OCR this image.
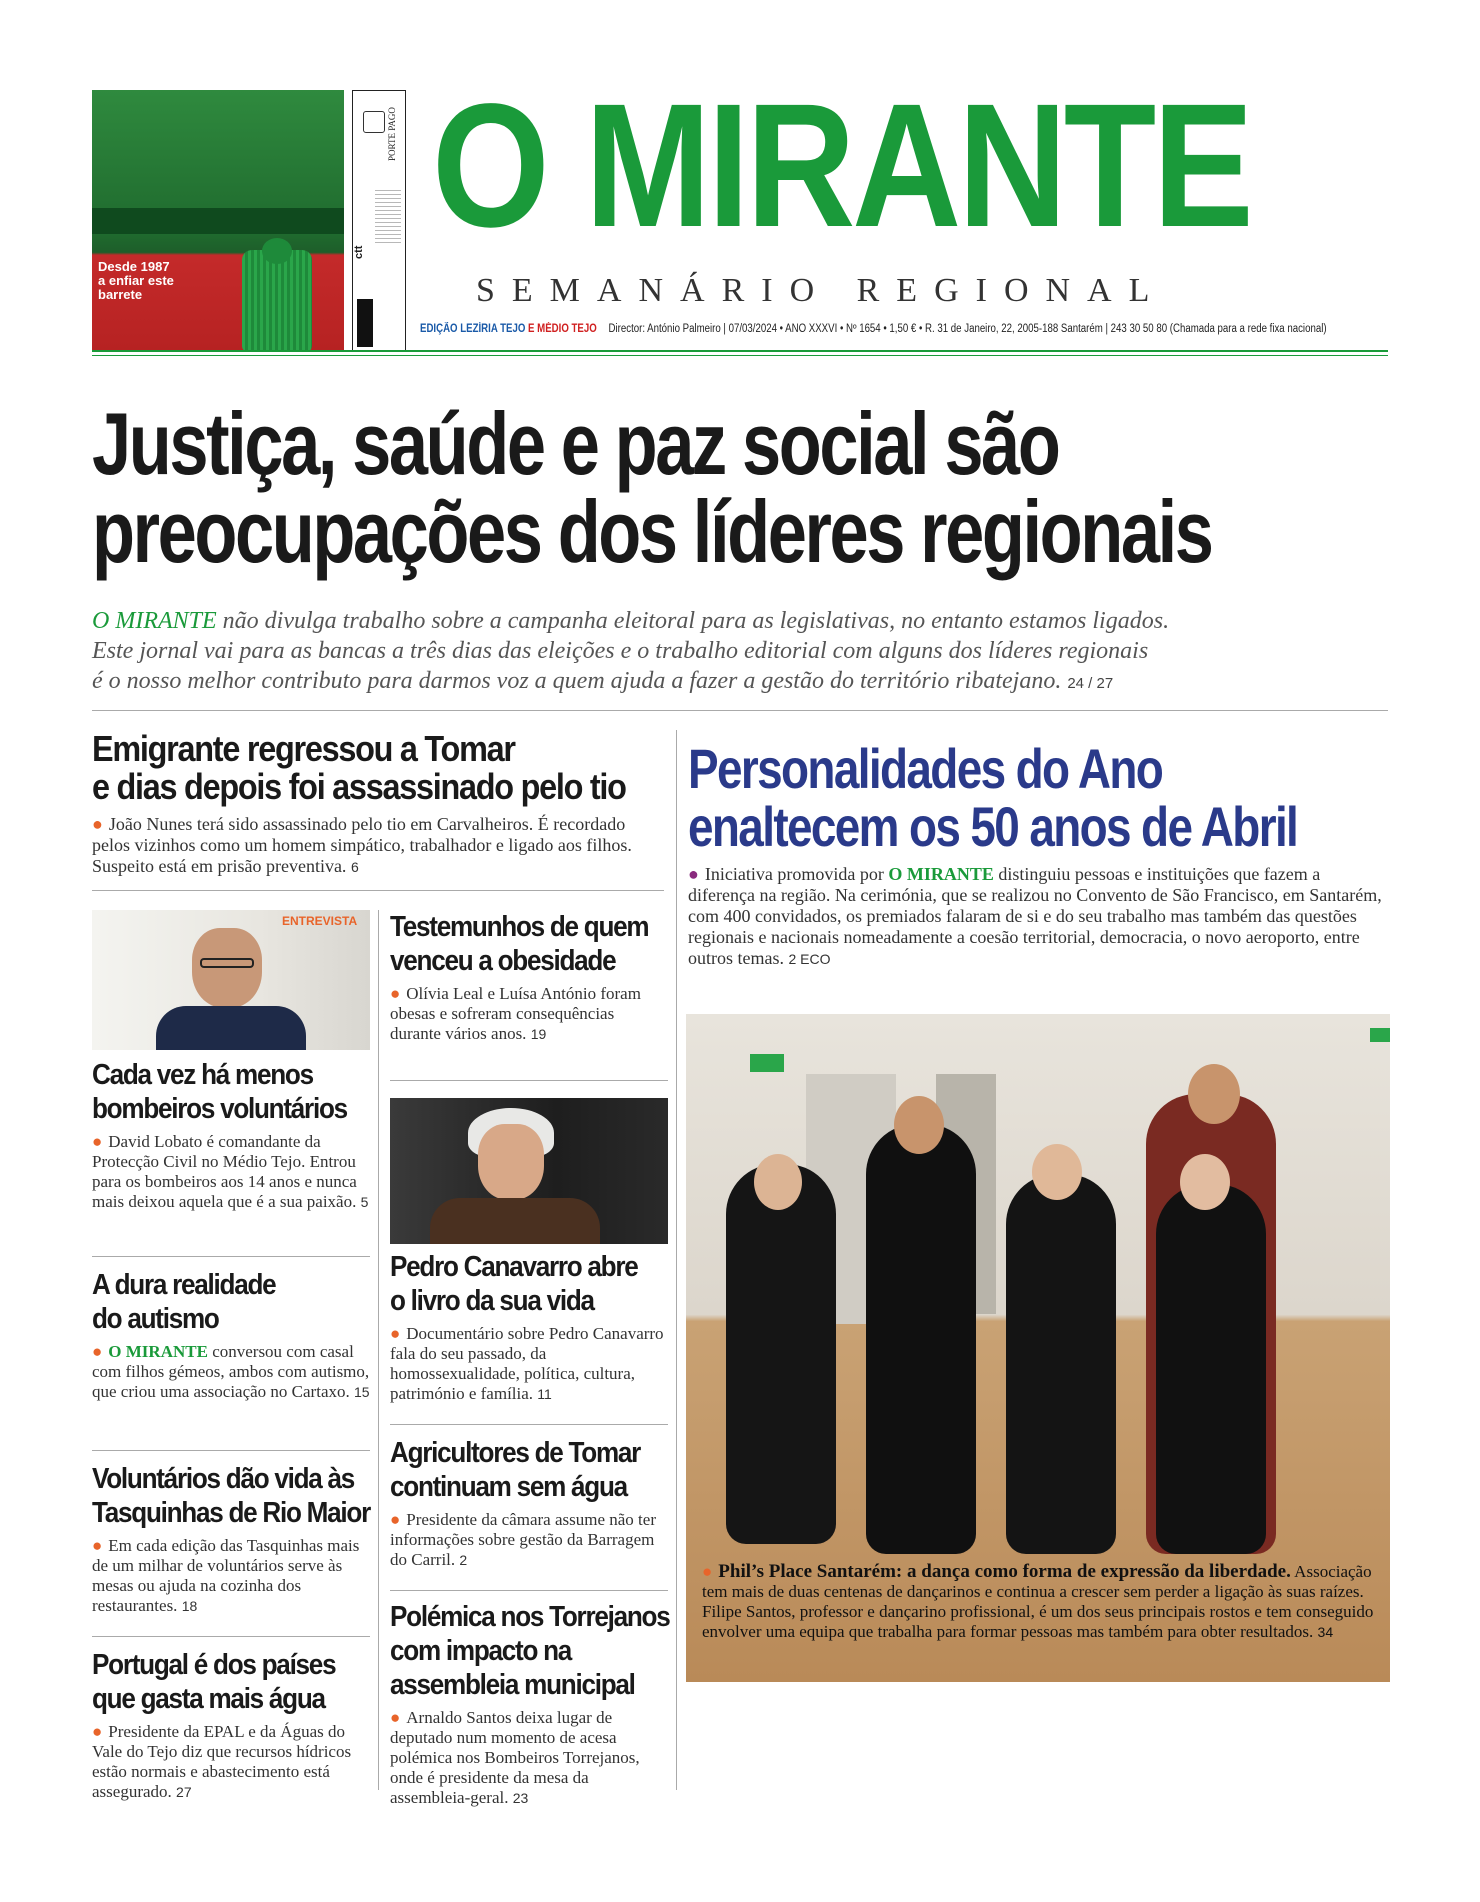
Desde 1987
a enfiar este
barrete
PORTE PAGO
ctt O MIRANTE
SEMANÁRIO REGIONAL
EDIÇÃO LEZÍRIA TEJO E MÉDIO TEJO Director: António Palmeiro | 07/03/2024 • ANO XXXVI • Nº 1654 • 1,50 € • R. 31 de Janeiro, 22, 2005-188 Santarém | 243 30 50 80 (Chamada para a rede fixa nacional)
Justiça, saúde e paz social são
preocupações dos líderes regionais
O MIRANTE não divulga trabalho sobre a campanha eleitoral para as legislativas, no entanto estamos ligados.
Este jornal vai para as bancas a três dias das eleições e o trabalho editorial com alguns dos líderes regionais
é o nosso melhor contributo para darmos voz a quem ajuda a fazer a gestão do território ribatejano. 24 / 27
Emigrante regressou a Tomar
e dias depois foi assassinado pelo tio
● João Nunes terá sido assassinado pelo tio em Carvalheiros. É recordado pelos vizinhos como um homem simpático, trabalhador e ligado aos filhos. Suspeito está em prisão preventiva. 6
ENTREVISTA
Cada vez há menos
bombeiros voluntários
● David Lobato é comandante da Protecção Civil no Médio Tejo. Entrou para os bombeiros aos 14 anos e nunca mais deixou aquela que é a sua paixão. 5
A dura realidade
do autismo
● O MIRANTE conversou com casal com filhos gémeos, ambos com autismo, que criou uma associação no Cartaxo. 15
Voluntários dão vida às
Tasquinhas de Rio Maior
● Em cada edição das Tasquinhas mais de um milhar de voluntários serve às mesas ou ajuda na cozinha dos restaurantes. 18
Portugal é dos países
que gasta mais água
● Presidente da EPAL e da Águas do Vale do Tejo diz que recursos hídricos estão normais e abastecimento está assegurado. 27
Testemunhos de quem
venceu a obesidade
● Olívia Leal e Luísa António foram obesas e sofreram consequências durante vários anos. 19
Pedro Canavarro abre
o livro da sua vida
● Documentário sobre Pedro Canavarro fala do seu passado, da homossexualidade, política, cultura, património e família. 11
Agricultores de Tomar
continuam sem água
● Presidente da câmara assume não ter informações sobre gestão da Barragem do Carril. 2
Polémica nos Torrejanos
com impacto na
assembleia municipal
● Arnaldo Santos deixa lugar de deputado num momento de acesa polémica nos Bombeiros Torrejanos, onde é presidente da mesa da assembleia-geral. 23
Personalidades do Ano
enaltecem os 50 anos de Abril
● Iniciativa promovida por O MIRANTE distinguiu pessoas e instituições que fazem a diferença na região. Na cerimónia, que se realizou no Convento de São Francisco, em Santarém, com 400 convidados, os premiados falaram de si e do seu trabalho mas também das questões regionais e nacionais nomeadamente a coesão territorial, democracia, o novo aeroporto, entre outros temas. 2 ECO
● Phil’s Place Santarém: a dança como forma de expressão da liberdade. Associação tem mais de duas centenas de dançarinos e continua a crescer sem perder a ligação às suas raízes. Filipe Santos, professor e dançarino profissional, é um dos seus principais rostos e tem conseguido envolver uma equipa que trabalha para formar pessoas mas também para obter resultados. 34
